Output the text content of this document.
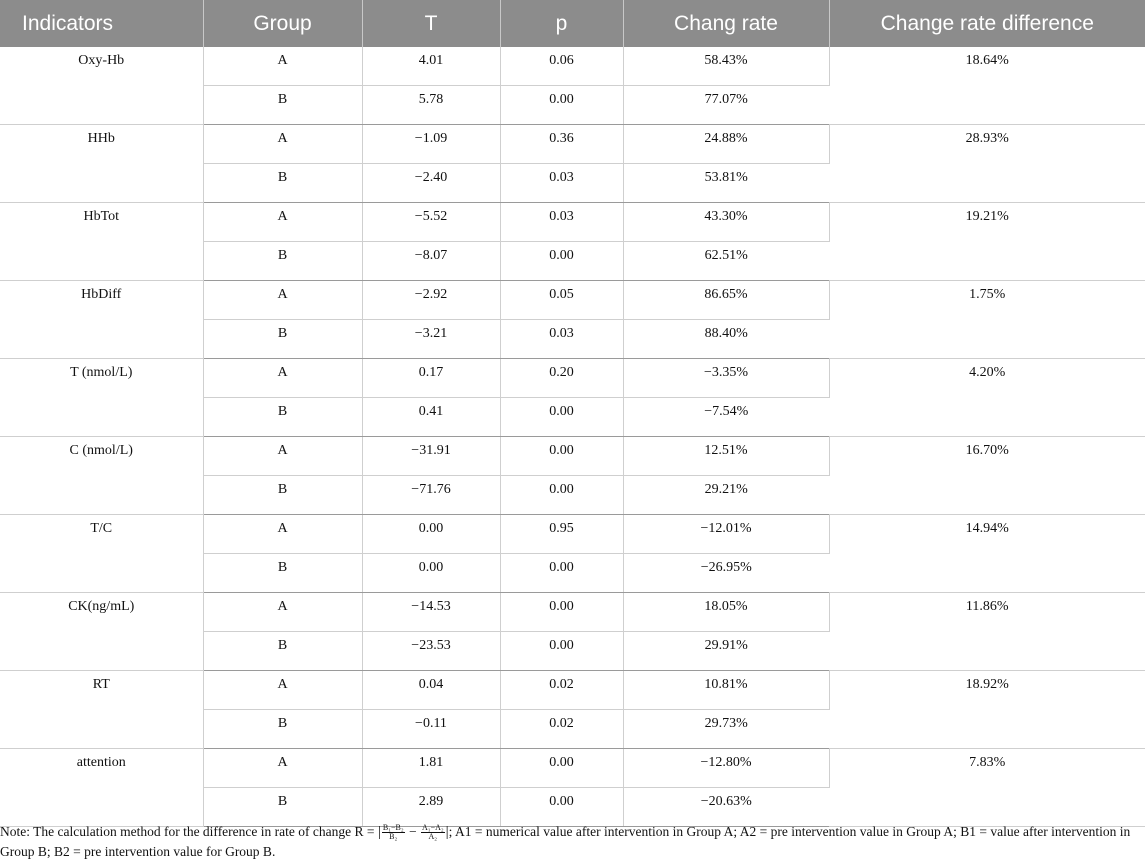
Indicators	Group	T	p	Chang rate	Change rate difference
Oxy-Hb	A	4.01	0.06	58.43%	18.64%
	B	5.78	0.00	77.07%	
HHb	A	−1.09	0.36	24.88%	28.93%
	B	−2.40	0.03	53.81%	
HbTot	A	−5.52	0.03	43.30%	19.21%
	B	−8.07	0.00	62.51%	
HbDiff	A	−2.92	0.05	86.65%	1.75%
	B	−3.21	0.03	88.40%	
T (nmol/L)	A	0.17	0.20	−3.35%	4.20%
	B	0.41	0.00	−7.54%	
C (nmol/L)	A	−31.91	0.00	12.51%	16.70%
	B	−71.76	0.00	29.21%	
T/C	A	0.00	0.95	−12.01%	14.94%
	B	0.00	0.00	−26.95%	
CK(ng/mL)	A	−14.53	0.00	18.05%	11.86%
	B	−23.53	0.00	29.91%	
RT	A	0.04	0.02	10.81%	18.92%
	B	−0.11	0.02	29.73%	
attention	A	1.81	0.00	−12.80%	7.83%
	B	2.89	0.00	−20.63%	
Note: The calculation method for the difference in rate of change R = | $\frac{\text{B₁−B₂}}{\text{B₂}} - \frac{\text{A₁−A₂}}{\text{A₂}}$ |; A1 = numerical value after intervention in Group A; A2 = pre intervention value in Group A; B1 = value after intervention in Group B; B2 = pre intervention value for Group B.
